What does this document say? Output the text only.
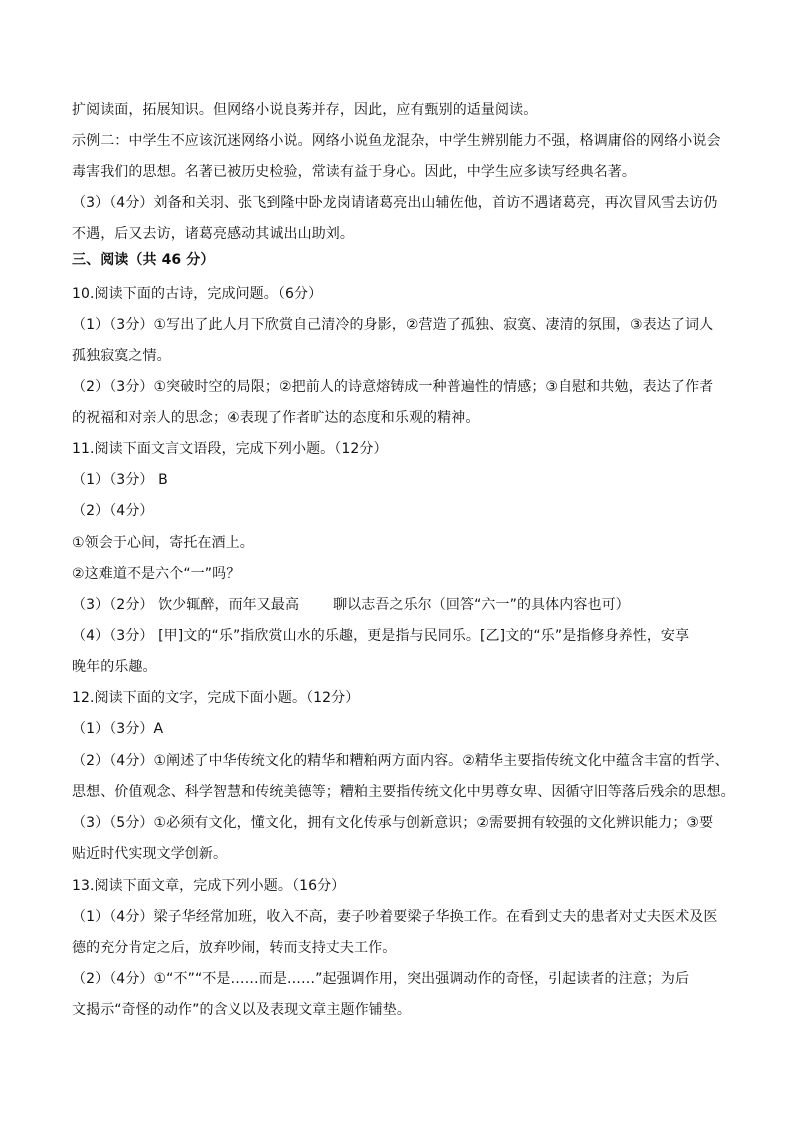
扩阅读面，拓展知识。但网络小说良莠并存，因此，应有甄别的适量阅读。
示例二：中学生不应该沉迷网络小说。网络小说鱼龙混杂，中学生辨别能力不强，格调庸俗的网络小说会
毒害我们的思想。名著已被历史检验，常读有益于身心。因此，中学生应多读写经典名著。
（3）（4分）刘备和关羽、张飞到隆中卧龙岗请诸葛亮出山辅佐他，首访不遇诸葛亮，再次冒风雪去访仍
不遇，后又去访，诸葛亮感动其诚出山助刘。
三、阅读（共 46 分）
10.阅读下面的古诗，完成问题。（6分）
（1）（3分）①写出了此人月下欣赏自己清冷的身影，②营造了孤独、寂寞、凄清的氛围，③表达了词人
孤独寂寞之情。
（2）（3分）①突破时空的局限；②把前人的诗意熔铸成一种普遍性的情感；③自慰和共勉，表达了作者
的祝福和对亲人的思念；④表现了作者旷达的态度和乐观的精神。
11.阅读下面文言文语段，完成下列小题。（12分）
（1）（3分） B
（2）（4分）
①领会于心间，寄托在酒上。
②这难道不是六个“一”吗？
（3）（2分） 饮少辄醉，而年又最高 聊以志吾之乐尔（回答“六一”的具体内容也可）
（4）（3分） [甲]文的“乐”指欣赏山水的乐趣，更是指与民同乐。[乙]文的“乐”是指修身养性，安享
晚年的乐趣。
12.阅读下面的文字，完成下面小题。（12分）
（1）（3分）A
（2）（4分）①阐述了中华传统文化的精华和糟粕两方面内容。②精华主要指传统文化中蕴含丰富的哲学、
思想、价值观念、科学智慧和传统美德等；糟粕主要指传统文化中男尊女卑、因循守旧等落后残余的思想。
（3）（5分）①必须有文化，懂文化，拥有文化传承与创新意识；②需要拥有较强的文化辨识能力；③要
贴近时代实现文学创新。
13.阅读下面文章，完成下列小题。（16分）
（1）（4分）梁子华经常加班，收入不高，妻子吵着要梁子华换工作。在看到丈夫的患者对丈夫医术及医
德的充分肯定之后，放弃吵闹，转而支持丈夫工作。
（2）（4分）①“不”“不是……而是……”起强调作用，突出强调动作的奇怪，引起读者的注意；为后
文揭示“奇怪的动作”的含义以及表现文章主题作铺垫。
